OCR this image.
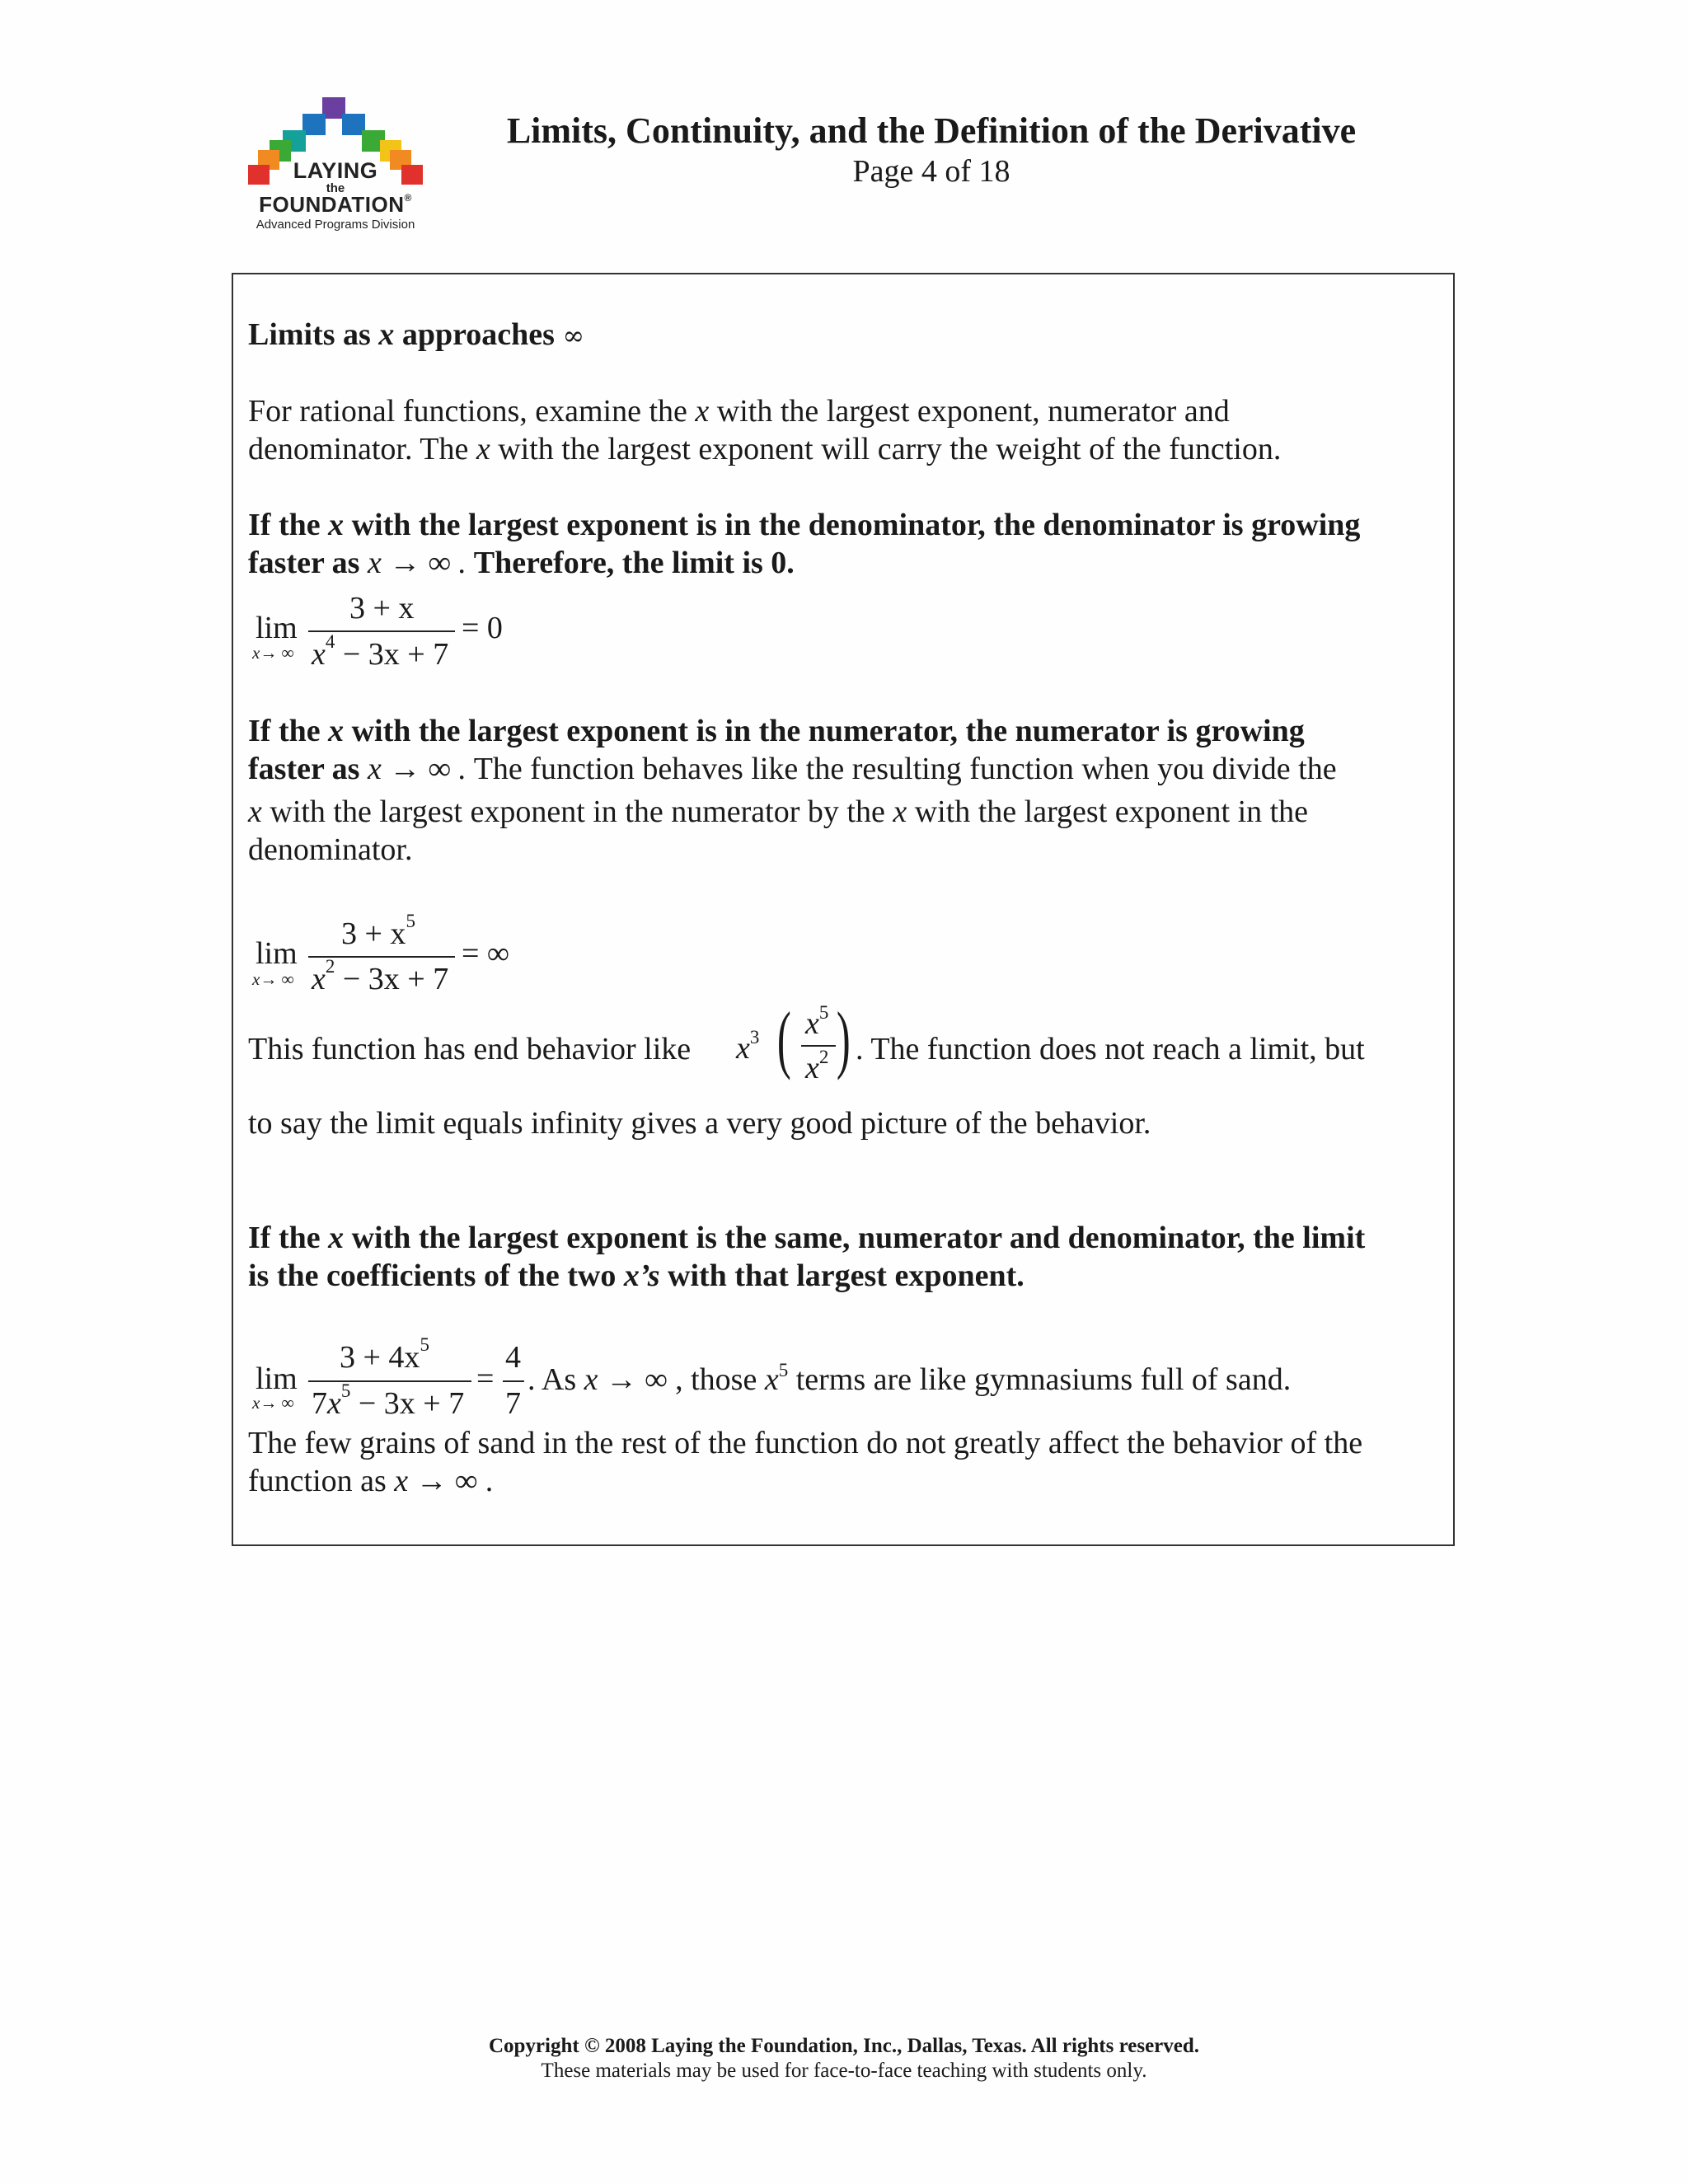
LAYING
the
FOUNDATION®
Advanced Programs Division
Limits, Continuity, and the Definition of the Derivative
Page 4 of 18
Limits as x approaches ∞
For rational functions, examine the x with the largest exponent, numerator and
denominator. The x with the largest exponent will carry the weight of the function.
If the x with the largest exponent is in the denominator, the denominator is growing
faster as x → ∞ . Therefore, the limit is 0.
lim
x→ ∞
3 + x
$x^4 - 3x + 7$
= 0
If the x with the largest exponent is in the numerator, the numerator is growing
faster as x → ∞ . The function behaves like the resulting function when you divide the
x with the largest exponent in the numerator by the x with the largest exponent in the
denominator.
lim
x→ ∞
$3 + x^5$
$x^2 - 3x + 7$
= ∞
This function has end behavior like $x^3$ ( $x^5$
$x^2$ ) . The function does not reach a limit, but
to say the limit equals infinity gives a very good picture of the behavior.
If the x with the largest exponent is the same, numerator and denominator, the limit
is the coefficients of the two x’s with that largest exponent.
lim
x→ ∞
$3 + 4x^5$
$7x^5 - 3x + 7$
=
4
7
. As x → ∞ , those $x^5$ terms are like gymnasiums full of sand.
The few grains of sand in the rest of the function do not greatly affect the behavior of the
function as x → ∞ .
Copyright © 2008 Laying the Foundation, Inc., Dallas, Texas. All rights reserved.
These materials may be used for face-to-face teaching with students only.
